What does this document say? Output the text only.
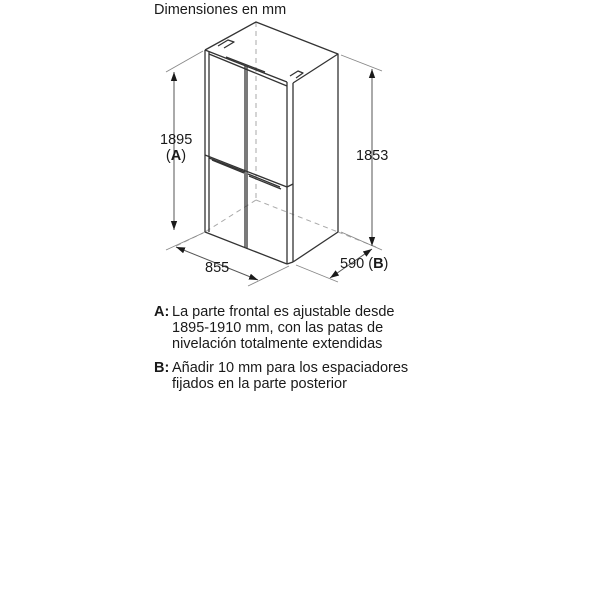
Dimensiones en mm
1895
(A)	1853
855	590 (B)
A: La parte frontal es ajustable desde
1895-1910 mm, con las patas de
nivelación totalmente extendidas
B: Añadir 10 mm para los espaciadores
fijados en la parte posterior
